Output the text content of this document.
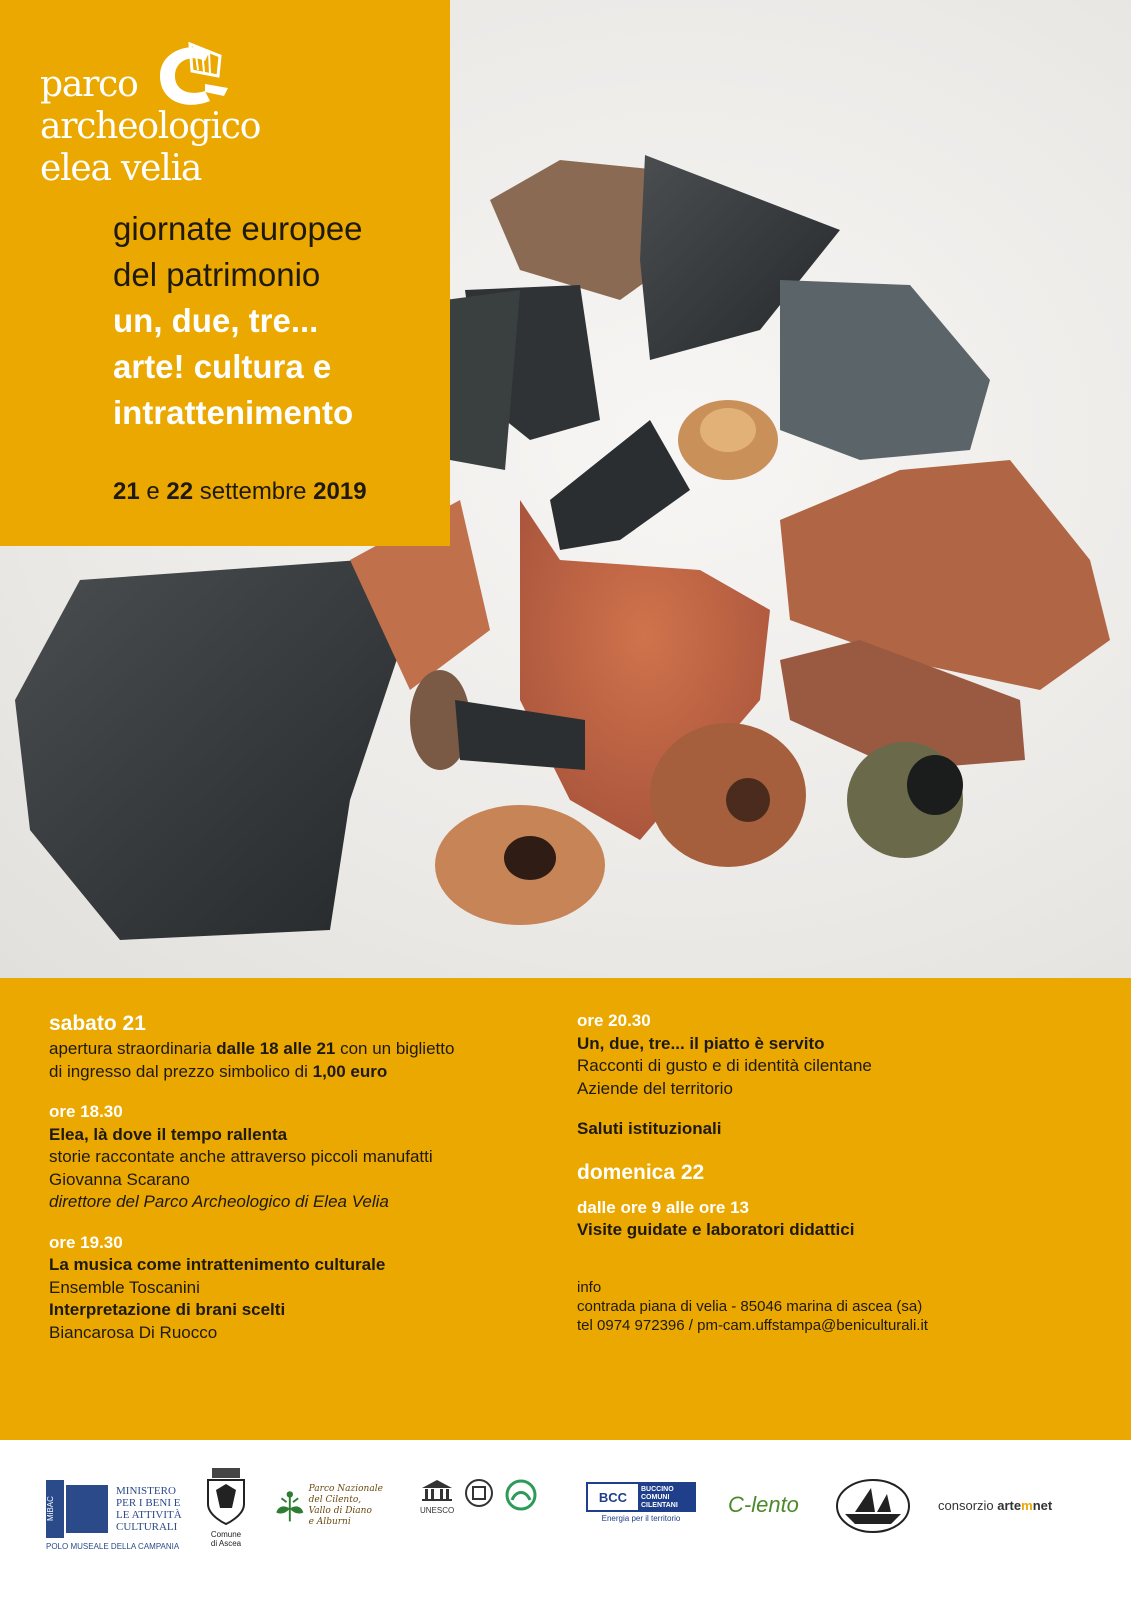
parco
archeologico
elea velia
giornate europee
del patrimonio
un, due, tre...
arte! cultura e
intrattenimento
21 e 22 settembre 2019
sabato 21
apertura straordinaria dalle 18 alle 21 con un biglietto
di ingresso dal prezzo simbolico di 1,00 euro
ore 18.30
Elea, là dove il tempo rallenta
storie raccontate anche attraverso piccoli manufatti
Giovanna Scarano
direttore del Parco Archeologico di Elea Velia
ore 19.30
La musica come intrattenimento culturale
Ensemble Toscanini
Interpretazione di brani scelti
Biancarosa Di Ruocco
ore 20.30
Un, due, tre... il piatto è servito
Racconti di gusto e di identità cilentane
Aziende del territorio
Saluti istituzionali
domenica 22
dalle ore 9 alle ore 13
Visite guidate e laboratori didattici
info
contrada piana di velia - 85046 marina di ascea (sa)
tel 0974 972396 / pm-cam.uffstampa@beniculturali.it
MiBAC
MINISTERO
PER I BENI E
LE ATTIVITÀ
CULTURALI
POLO MUSEALE DELLA CAMPANIA
Comune
di Ascea
Parco Nazionale
del Cilento, Vallo di Diano
e Alburni
UNESCO
BCC	BUCCINO
COMUNI
CILENTANI
Energia per il territorio
C-lento	consorzio artemnet
